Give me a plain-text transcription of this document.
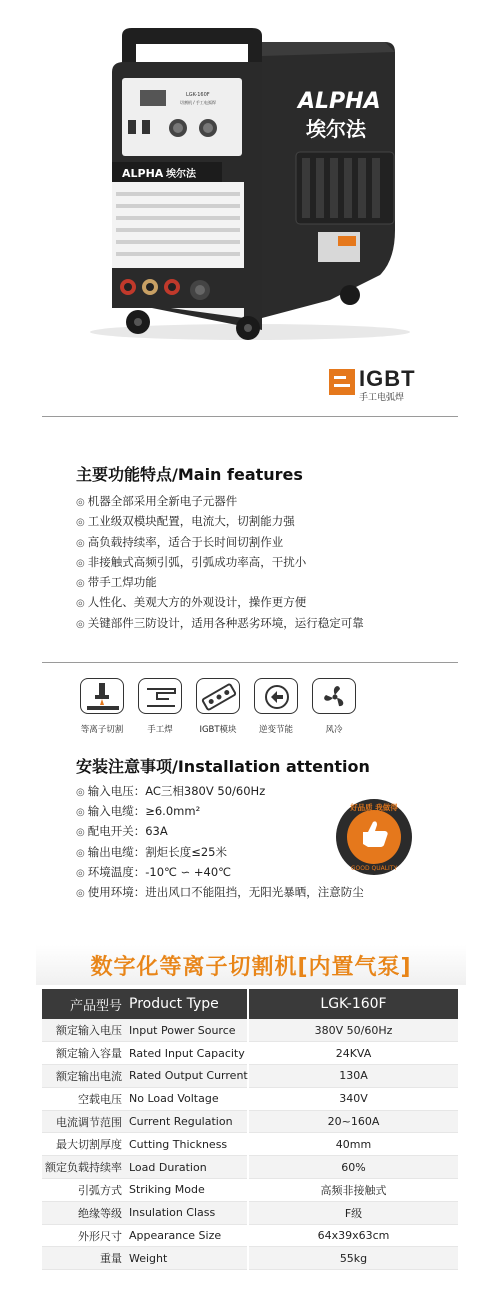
LGK-160F
切割机 / 手工电弧焊
ALPHA 埃尔法
ALPHA
埃尔法
IGBT
手工电弧焊
主要功能特点/Main features
◎ 机器全部采用全新电子元器件
◎ 工业级双模块配置，电流大，切割能力强
◎ 高负载持续率，适合于长时间切割作业
◎ 非接触式高频引弧，引弧成功率高，干扰小
◎ 带手工焊功能
◎ 人性化、美观大方的外观设计，操作更方便
◎ 关键部件三防设计，适用各种恶劣环境，运行稳定可靠
等离子切割	手工焊	IGBT模块	逆变节能	风冷
安装注意事项/Installation attention
◎ 输入电压：AC三相380V 50/60Hz
◎ 输入电缆：≥6.0mm²
◎ 配电开关：63A
◎ 输出电缆：割炬长度≤25米
◎ 环境温度：-10℃ ∽ +40℃
◎ 使用环境：进出风口不能阻挡，无阳光暴晒，注意防尘
好品质 我做得
GOOD QUALITY
数字化等离子切割机[内置气泵]
产品型号	Product Type	LGK-160F
额定输入电压	Input Power Source	380V 50/60Hz
额定输入容量	Rated Input Capacity	24KVA
额定输出电流	Rated Output Current	130A
空载电压	No Load Voltage	340V
电流调节范围	Current Regulation	20~160A
最大切割厚度	Cutting Thickness	40mm
额定负载持续率	Load Duration	60%
引弧方式	Striking Mode	高频非接触式
绝缘等级	Insulation Class	F级
外形尺寸	Appearance Size	64x39x63cm
重量	Weight	55kg
